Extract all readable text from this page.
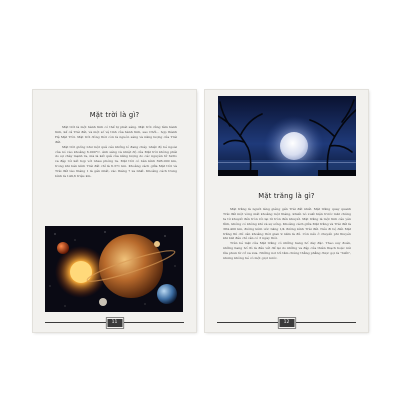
Mặt trời là gì?

Mặt trời là một hành tinh có thể tự phát sáng. Mặt trời cũng tâm hành tinh, kể cả Trái đất, và một số vệ tinh của hành tinh, sao Chổi... hợp thành Hệ Mặt Trời. Mặt trời đồng thời còn là nguồn sáng và năng lượng của Trái đất.

Mặt trời giống như một quả cầu khổng lồ đang cháy, nhiệt độ bề ngoài của nó vào khoảng 6.000°C. Ánh sáng và nhiệt độ của Mặt trời không phải do sự cháy mạnh ra, mà là kết quả của năng lượng do các nguyên tử hidro va đập rồi kết hợp với nhau phóng ra. Mặt trời có bán kính 696.000 km, trong khi bán kính Trái đất chỉ là 6.371 km. Khoảng cách giữa Mặt trời và Trái đất vào tháng 1 là gần nhất, vào tháng 7 xa nhất. Khoảng cách trung bình là 149,6 triệu km.

11
Mặt trăng là gì?

Mặt trăng là người láng giềng gần Trái đất nhất. Mặt trăng quay quanh Trái đất một vòng mất khoảng một tháng, khiến nó xuất hiện trước mắt chúng ta từ khuyết đến tròn rồi lại từ tròn đến khuyết. Mặt trăng là một tinh cầu yên tĩnh, không có không khí và sự sống. Khoảng cách giữa Mặt trăng và Trái đất là 384.400 km, đường kính ước bằng 1/4 đường kính Trái đất. Nếu đi bộ đến Mặt trăng thì chỉ cần khoảng thời gian 9 năm là đủ. Còn nếu ở chuyến phi thuyền khi bắt đầu chỉ cần có 3 ngày thôi.

Trên bề mặt của Mặt trăng có những hang hố dày đặc. Theo suy đoán, những hang hố đó là đấu vết để lại do những va đập của thiên thạch hoặc núi lửa phun từ cổ xa xưa. Những nơi tối tăm chúng thẳng phẳng được gọi là "biển", nhưng không hề có một giọt nước.

12
